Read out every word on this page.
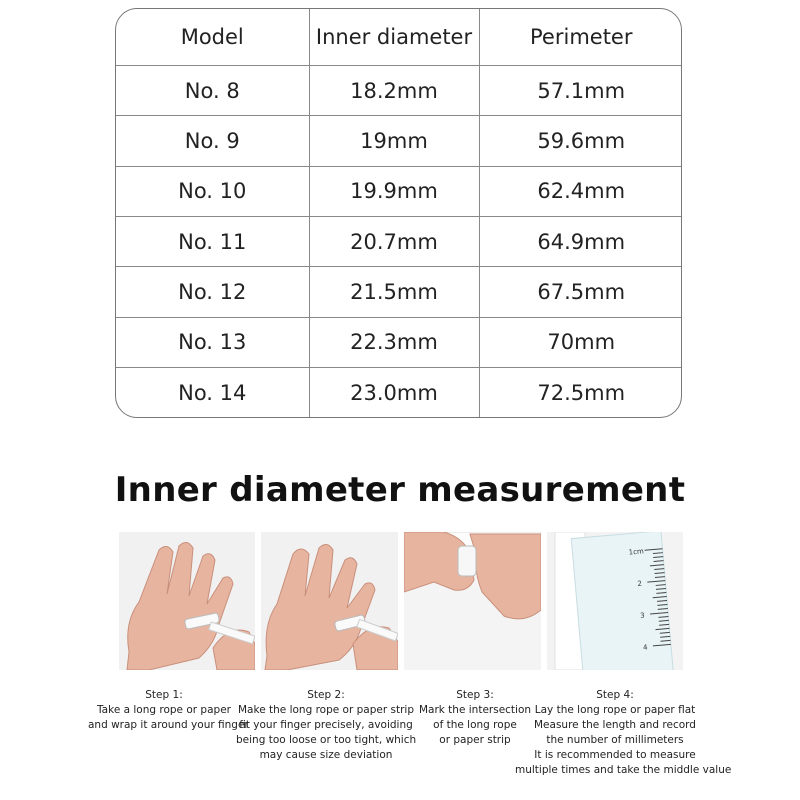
Model	Inner diameter	Perimeter
No. 8	18.2mm	57.1mm
No. 9	19mm	59.6mm
No. 10	19.9mm	62.4mm
No. 11	20.7mm	64.9mm
No. 12	21.5mm	67.5mm
No. 13	22.3mm	70mm
No. 14	23.0mm	72.5mm
Inner diameter measurement
1cm
2
3
4
Step 1:
Take a long rope or paper
and wrap it around your finger
Step 2:
Make the long rope or paper strip
fit your finger precisely, avoiding
being too loose or too tight, which
may cause size deviation
Step 3:
Mark the intersection
of the long rope
or paper strip
Step 4:
Lay the long rope or paper flat
Measure the length and record
the number of millimeters
It is recommended to measure
multiple times and take the middle value
